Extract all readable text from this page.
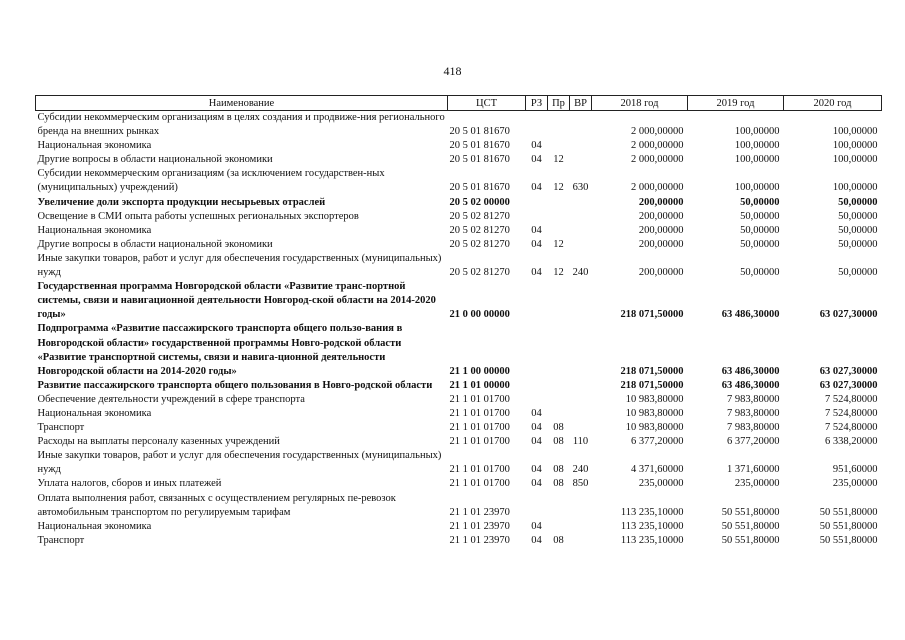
418
Наименование	ЦСТ	РЗ	Пр	ВР	2018 год	2019 год	2020 год
Субсидии некоммерческим организациям в целях создания и продвиже-ния регионального бренда на внешних рынках	20 5 01 81670				2 000,00000	100,00000	100,00000
Национальная экономика	20 5 01 81670	04			2 000,00000	100,00000	100,00000
Другие вопросы в области национальной экономики	20 5 01 81670	04	12		2 000,00000	100,00000	100,00000
Субсидии некоммерческим организациям (за исключением государствен-ных (муниципальных) учреждений)	20 5 01 81670	04	12	630	2 000,00000	100,00000	100,00000
Увеличение доли экспорта продукции несырьевых отраслей	20 5 02 00000				200,00000	50,00000	50,00000
Освещение в СМИ опыта работы успешных региональных экспортеров	20 5 02 81270				200,00000	50,00000	50,00000
Национальная экономика	20 5 02 81270	04			200,00000	50,00000	50,00000
Другие вопросы в области национальной экономики	20 5 02 81270	04	12		200,00000	50,00000	50,00000
Иные закупки товаров, работ и услуг для обеспечения государственных (муниципальных) нужд	20 5 02 81270	04	12	240	200,00000	50,00000	50,00000
Государственная программа Новгородской области «Развитие транс-портной системы, связи и навигационной деятельности Новгород-ской области на 2014-2020 годы»	21 0 00 00000				218 071,50000	63 486,30000	63 027,30000
Подпрограмма «Развитие пассажирского транспорта общего пользо-вания в Новгородской области» государственной программы Новго-родской области «Развитие транспортной системы, связи и навига-ционной деятельности Новгородской области на 2014-2020 годы»	21 1 00 00000				218 071,50000	63 486,30000	63 027,30000
Развитие пассажирского транспорта общего пользования в Новго-родской области	21 1 01 00000				218 071,50000	63 486,30000	63 027,30000
Обеспечение деятельности учреждений в сфере транспорта	21 1 01 01700				10 983,80000	7 983,80000	7 524,80000
Национальная экономика	21 1 01 01700	04			10 983,80000	7 983,80000	7 524,80000
Транспорт	21 1 01 01700	04	08		10 983,80000	7 983,80000	7 524,80000
Расходы на выплаты персоналу казенных учреждений	21 1 01 01700	04	08	110	6 377,20000	6 377,20000	6 338,20000
Иные закупки товаров, работ и услуг для обеспечения государственных (муниципальных) нужд	21 1 01 01700	04	08	240	4 371,60000	1 371,60000	951,60000
Уплата налогов, сборов и иных платежей	21 1 01 01700	04	08	850	235,00000	235,00000	235,00000
Оплата выполнения работ, связанных с осуществлением регулярных пе-ревозок автомобильным транспортом по регулируемым тарифам	21 1 01 23970				113 235,10000	50 551,80000	50 551,80000
Национальная экономика	21 1 01 23970	04			113 235,10000	50 551,80000	50 551,80000
Транспорт	21 1 01 23970	04	08		113 235,10000	50 551,80000	50 551,80000
